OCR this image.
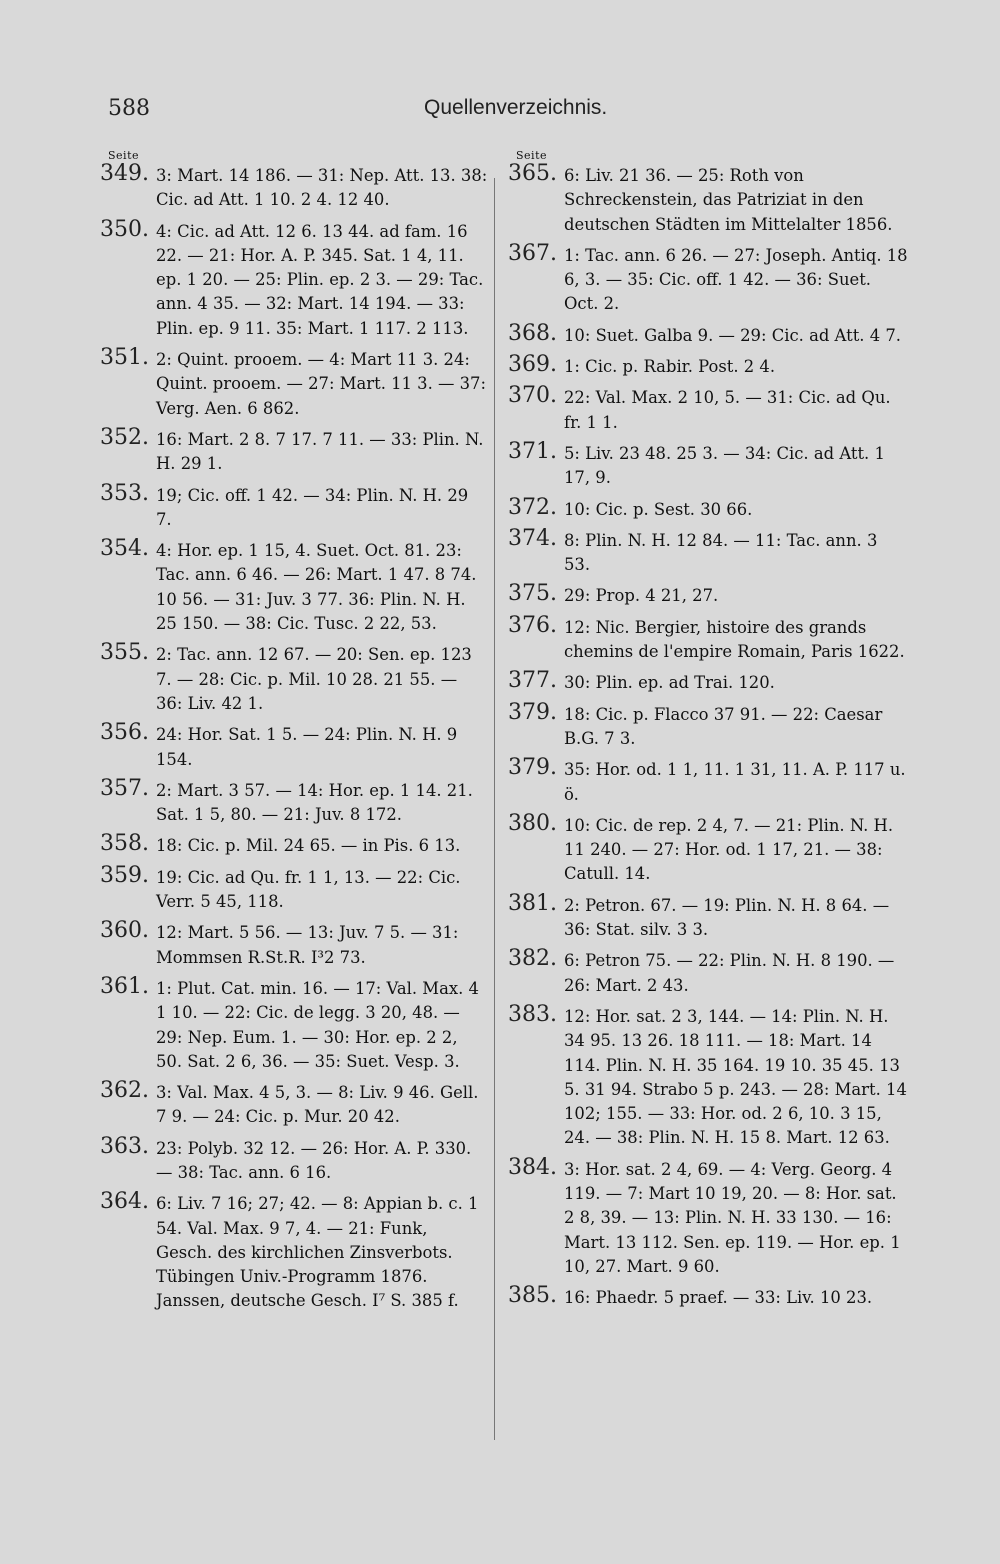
588	Quellenverzeichnis.
Seite
349. 3: Mart. 14 186. — 31: Nep. Att. 13. 38: Cic. ad Att. 1 10. 2 4. 12 40.
350. 4: Cic. ad Att. 12 6. 13 44. ad fam. 16 22. — 21: Hor. A. P. 345. Sat. 1 4, 11. ep. 1 20. — 25: Plin. ep. 2 3. — 29: Tac. ann. 4 35. — 32: Mart. 14 194. — 33: Plin. ep. 9 11. 35: Mart. 1 117. 2 113.
351. 2: Quint. prooem. — 4: Mart 11 3. 24: Quint. prooem. — 27: Mart. 11 3. — 37: Verg. Aen. 6 862.
352. 16: Mart. 2 8. 7 17. 7 11. — 33: Plin. N. H. 29 1.
353. 19; Cic. off. 1 42. — 34: Plin. N. H. 29 7.
354. 4: Hor. ep. 1 15, 4. Suet. Oct. 81. 23: Tac. ann. 6 46. — 26: Mart. 1 47. 8 74. 10 56. — 31: Juv. 3 77. 36: Plin. N. H. 25 150. — 38: Cic. Tusc. 2 22, 53.
355. 2: Tac. ann. 12 67. — 20: Sen. ep. 123 7. — 28: Cic. p. Mil. 10 28. 21 55. — 36: Liv. 42 1.
356. 24: Hor. Sat. 1 5. — 24: Plin. N. H. 9 154.
357. 2: Mart. 3 57. — 14: Hor. ep. 1 14. 21. Sat. 1 5, 80. — 21: Juv. 8 172.
358. 18: Cic. p. Mil. 24 65. — in Pis. 6 13.
359. 19: Cic. ad Qu. fr. 1 1, 13. — 22: Cic. Verr. 5 45, 118.
360. 12: Mart. 5 56. — 13: Juv. 7 5. — 31: Mommsen R.St.R. I³2 73.
361. 1: Plut. Cat. min. 16. — 17: Val. Max. 4 1 10. — 22: Cic. de legg. 3 20, 48. — 29: Nep. Eum. 1. — 30: Hor. ep. 2 2, 50. Sat. 2 6, 36. — 35: Suet. Vesp. 3.
362. 3: Val. Max. 4 5, 3. — 8: Liv. 9 46. Gell. 7 9. — 24: Cic. p. Mur. 20 42.
363. 23: Polyb. 32 12. — 26: Hor. A. P. 330. — 38: Tac. ann. 6 16.
364. 6: Liv. 7 16; 27; 42. — 8: Appian b. c. 1 54. Val. Max. 9 7, 4. — 21: Funk, Gesch. des kirchlichen Zinsverbots. Tübingen Univ.-Programm 1876. Janssen, deutsche Gesch. I⁷ S. 385 f.
Seite
365. 6: Liv. 21 36. — 25: Roth von Schreckenstein, das Patriziat in den deutschen Städten im Mittelalter 1856.
367. 1: Tac. ann. 6 26. — 27: Joseph. Antiq. 18 6, 3. — 35: Cic. off. 1 42. — 36: Suet. Oct. 2.
368. 10: Suet. Galba 9. — 29: Cic. ad Att. 4 7.
369. 1: Cic. p. Rabir. Post. 2 4.
370. 22: Val. Max. 2 10, 5. — 31: Cic. ad Qu. fr. 1 1.
371. 5: Liv. 23 48. 25 3. — 34: Cic. ad Att. 1 17, 9.
372. 10: Cic. p. Sest. 30 66.
374. 8: Plin. N. H. 12 84. — 11: Tac. ann. 3 53.
375. 29: Prop. 4 21, 27.
376. 12: Nic. Bergier, histoire des grands chemins de l'empire Romain, Paris 1622.
377. 30: Plin. ep. ad Trai. 120.
379. 18: Cic. p. Flacco 37 91. — 22: Caesar B.G. 7 3.
379. 35: Hor. od. 1 1, 11. 1 31, 11. A. P. 117 u. ö.
380. 10: Cic. de rep. 2 4, 7. — 21: Plin. N. H. 11 240. — 27: Hor. od. 1 17, 21. — 38: Catull. 14.
381. 2: Petron. 67. — 19: Plin. N. H. 8 64. — 36: Stat. silv. 3 3.
382. 6: Petron 75. — 22: Plin. N. H. 8 190. — 26: Mart. 2 43.
383. 12: Hor. sat. 2 3, 144. — 14: Plin. N. H. 34 95. 13 26. 18 111. — 18: Mart. 14 114. Plin. N. H. 35 164. 19 10. 35 45. 13 5. 31 94. Strabo 5 p. 243. — 28: Mart. 14 102; 155. — 33: Hor. od. 2 6, 10. 3 15, 24. — 38: Plin. N. H. 15 8. Mart. 12 63.
384. 3: Hor. sat. 2 4, 69. — 4: Verg. Georg. 4 119. — 7: Mart 10 19, 20. — 8: Hor. sat. 2 8, 39. — 13: Plin. N. H. 33 130. — 16: Mart. 13 112. Sen. ep. 119. — Hor. ep. 1 10, 27. Mart. 9 60.
385. 16: Phaedr. 5 praef. — 33: Liv. 10 23.
